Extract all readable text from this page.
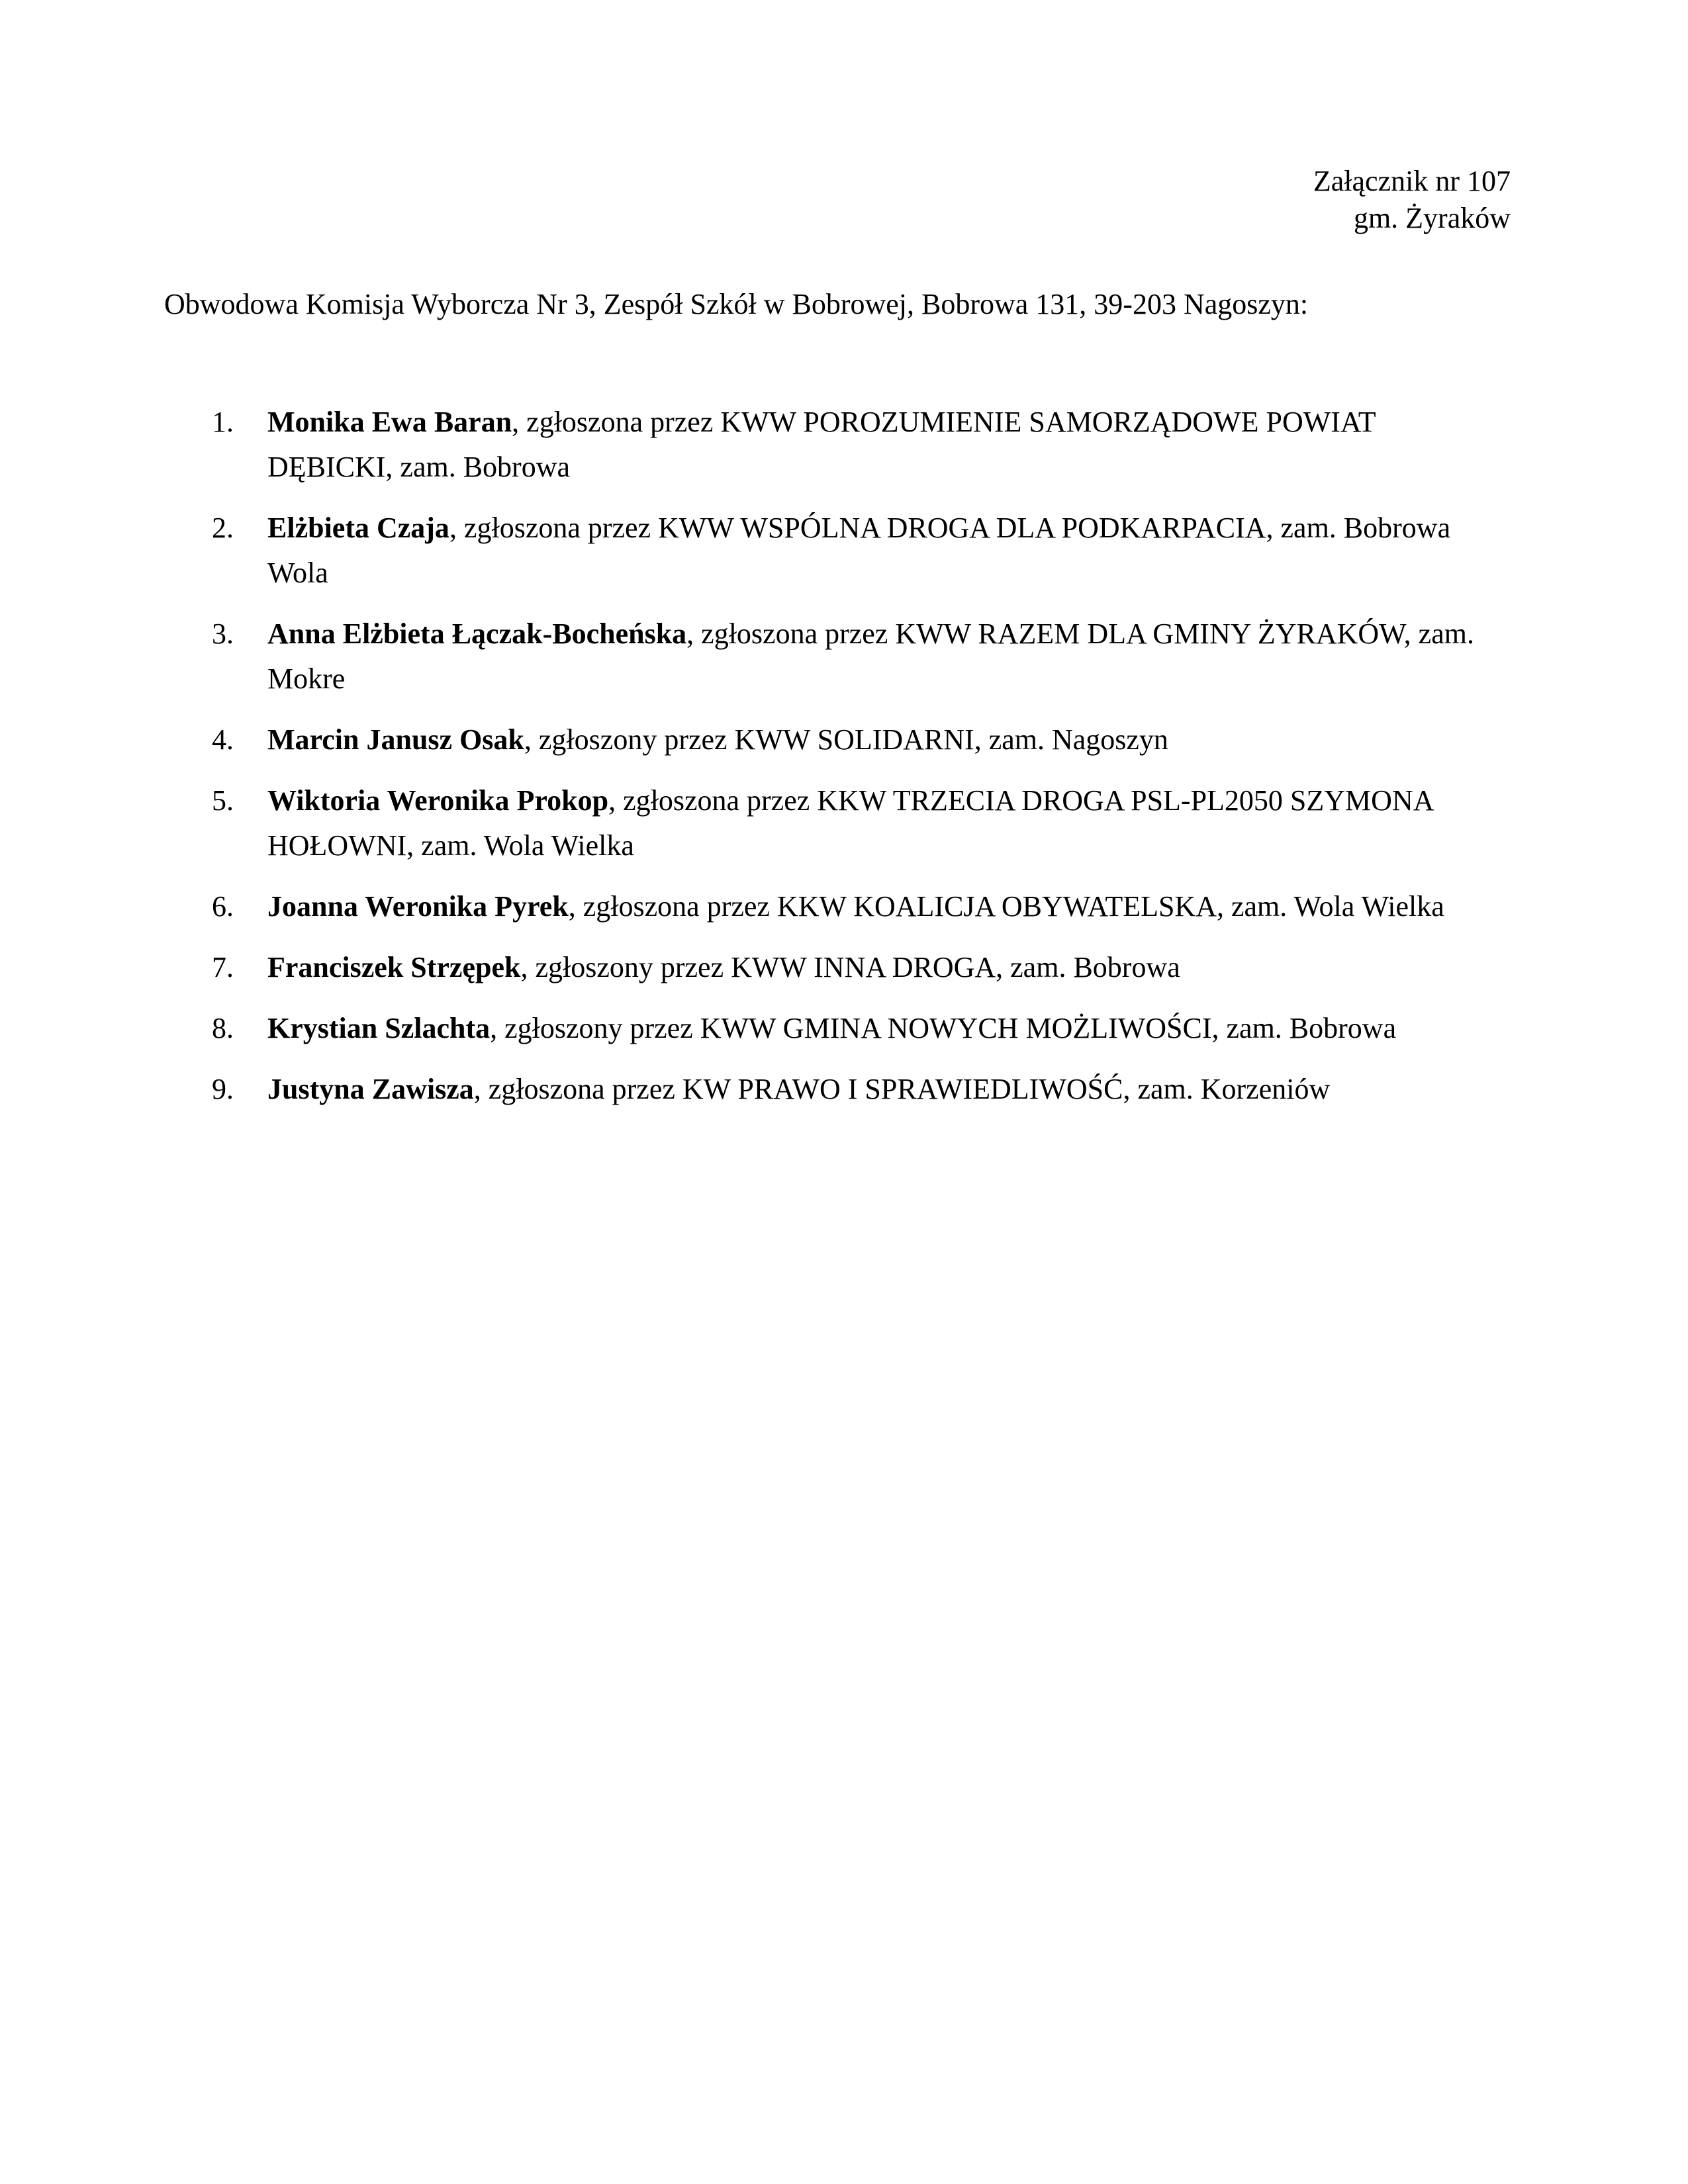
Załącznik nr 107
gm. Żyraków
Obwodowa Komisja Wyborcza Nr 3, Zespół Szkół w Bobrowej, Bobrowa 131, 39-203 Nagoszyn:
1. Monika Ewa Baran, zgłoszona przez KWW POROZUMIENIE SAMORZĄDOWE POWIAT DĘBICKI, zam. Bobrowa
2. Elżbieta Czaja, zgłoszona przez KWW WSPÓLNA DROGA DLA PODKARPACIA, zam. Bobrowa Wola
3. Anna Elżbieta Łączak-Bocheńska, zgłoszona przez KWW RAZEM DLA GMINY ŻYRAKÓW, zam. Mokre
4. Marcin Janusz Osak, zgłoszony przez KWW SOLIDARNI, zam. Nagoszyn
5. Wiktoria Weronika Prokop, zgłoszona przez KKW TRZECIA DROGA PSL-PL2050 SZYMONA HOŁOWNI, zam. Wola Wielka
6. Joanna Weronika Pyrek, zgłoszona przez KKW KOALICJA OBYWATELSKA, zam. Wola Wielka
7. Franciszek Strzępek, zgłoszony przez KWW INNA DROGA, zam. Bobrowa
8. Krystian Szlachta, zgłoszony przez KWW GMINA NOWYCH MOŻLIWOŚCI, zam. Bobrowa
9. Justyna Zawisza, zgłoszona przez KW PRAWO I SPRAWIEDLIWOŚĆ, zam. Korzeniów
